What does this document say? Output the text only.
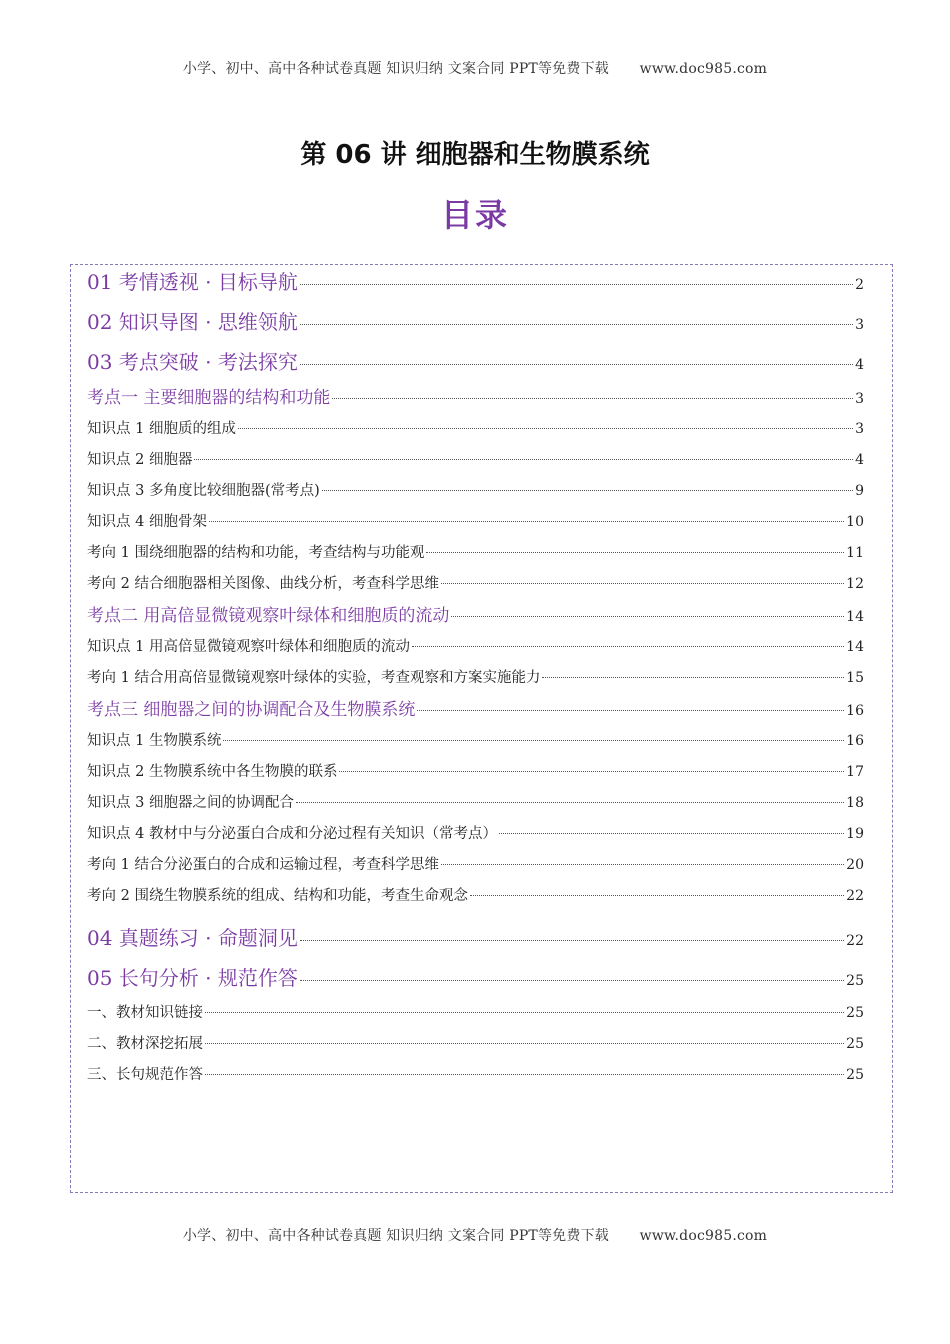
小学、初中、高中各种试卷真题 知识归纳 文案合同 PPT等免费下载 www.doc985.com
第 06 讲 细胞器和生物膜系统
目录
01 考情透视 · 目标导航	2
02 知识导图 · 思维领航	3
03 考点突破 · 考法探究	4
考点一 主要细胞器的结构和功能	3
知识点 1 细胞质的组成	3
知识点 2 细胞器	4
知识点 3 多角度比较细胞器(常考点)	9
知识点 4 细胞骨架	10
考向 1 围绕细胞器的结构和功能，考查结构与功能观	11
考向 2 结合细胞器相关图像、曲线分析，考查科学思维	12
考点二 用高倍显微镜观察叶绿体和细胞质的流动	14
知识点 1 用高倍显微镜观察叶绿体和细胞质的流动	14
考向 1 结合用高倍显微镜观察叶绿体的实验，考查观察和方案实施能力	15
考点三 细胞器之间的协调配合及生物膜系统	16
知识点 1 生物膜系统	16
知识点 2 生物膜系统中各生物膜的联系	17
知识点 3 细胞器之间的协调配合	18
知识点 4 教材中与分泌蛋白合成和分泌过程有关知识（常考点）	19
考向 1 结合分泌蛋白的合成和运输过程，考查科学思维	20
考向 2 围绕生物膜系统的组成、结构和功能，考查生命观念	22
04 真题练习 · 命题洞见	22
05 长句分析 · 规范作答	25
一、教材知识链接	25
二、教材深挖拓展	25
三、长句规范作答	25
小学、初中、高中各种试卷真题 知识归纳 文案合同 PPT等免费下载 www.doc985.com
